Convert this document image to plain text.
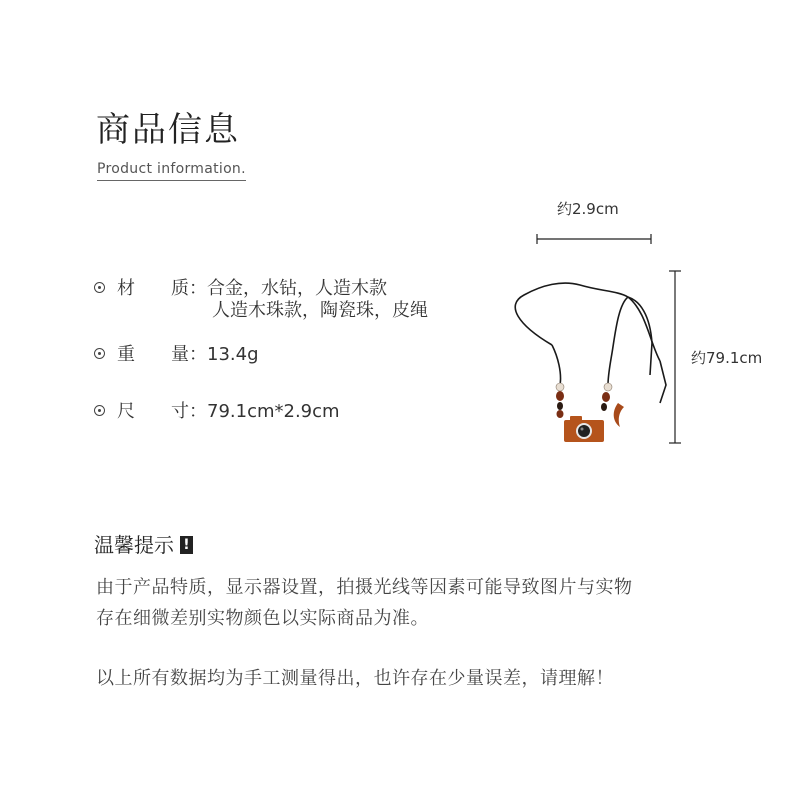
商品信息
Product information.
材 质：合金，水钻，人造木款
人造木珠款，陶瓷珠，皮绳
重 量：13.4g
尺 寸：79.1cm*2.9cm
约2.9cm
约79.1cm
温馨提示 !
由于产品特质，显示器设置，拍摄光线等因素可能导致图片与实物
存在细微差别实物颜色以实际商品为准。
以上所有数据均为手工测量得出，也许存在少量误差，请理解！
